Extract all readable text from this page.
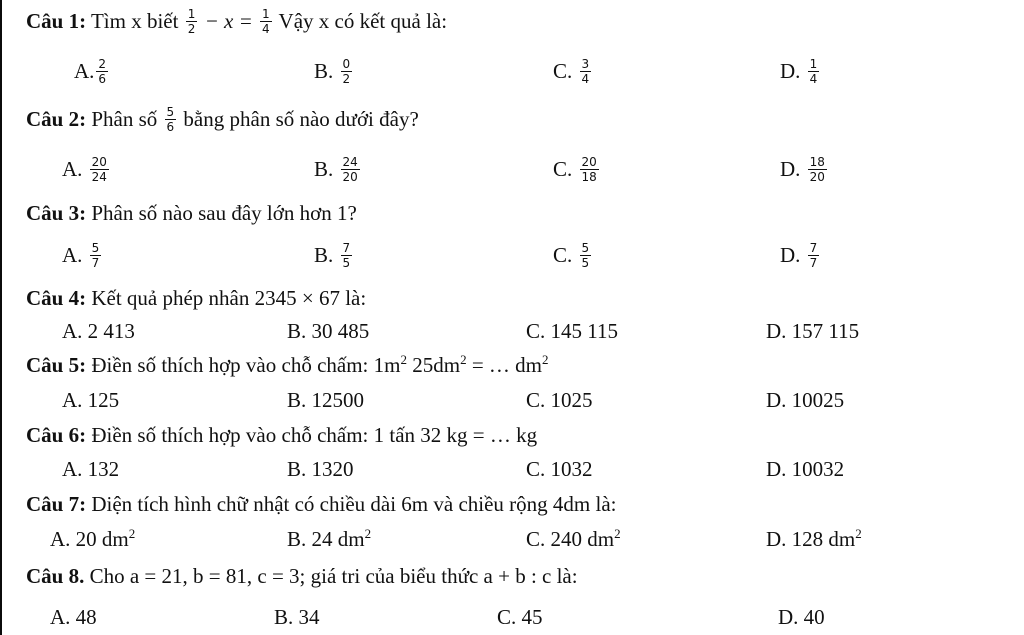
Câu 1: Tìm x biết $\frac{1}{2} - x = \frac{1}{4}$ Vậy x có kết quả là:
A. $\frac{2}{6}$	B. $\frac{0}{2}$	C. $\frac{3}{4}$	D. $\frac{1}{4}$
Câu 2: Phân số $\frac{5}{6}$ bằng phân số nào dưới đây?
A. $\frac{20}{24}$	B. $\frac{24}{20}$	C. $\frac{20}{18}$	D. $\frac{18}{20}$
Câu 3: Phân số nào sau đây lớn hơn 1?
A. $\frac{5}{7}$	B. $\frac{7}{5}$	C. $\frac{5}{5}$	D. $\frac{7}{7}$
Câu 4: Kết quả phép nhân 2345 × 67 là:
A. 2 413	B. 30 485	C. 145 115	D. 157 115
Câu 5: Điền số thích hợp vào chỗ chấm: $1m^2$ $25dm^2$ = … $dm^2$
A. 125	B. 12500	C. 1025	D. 10025
Câu 6: Điền số thích hợp vào chỗ chấm: 1 tấn 32 kg = … kg
A. 132	B. 1320	C. 1032	D. 10032
Câu 7: Diện tích hình chữ nhật có chiều dài 6m và chiều rộng 4dm là:
A. 20 $dm^2$	B. 24 $dm^2$	C. 240 $dm^2$	D. 128 $dm^2$
Câu 8. Cho a = 21, b = 81, c = 3; giá tri của biểu thức a + b : c là:
A. 48	B. 34	C. 45	D. 40
